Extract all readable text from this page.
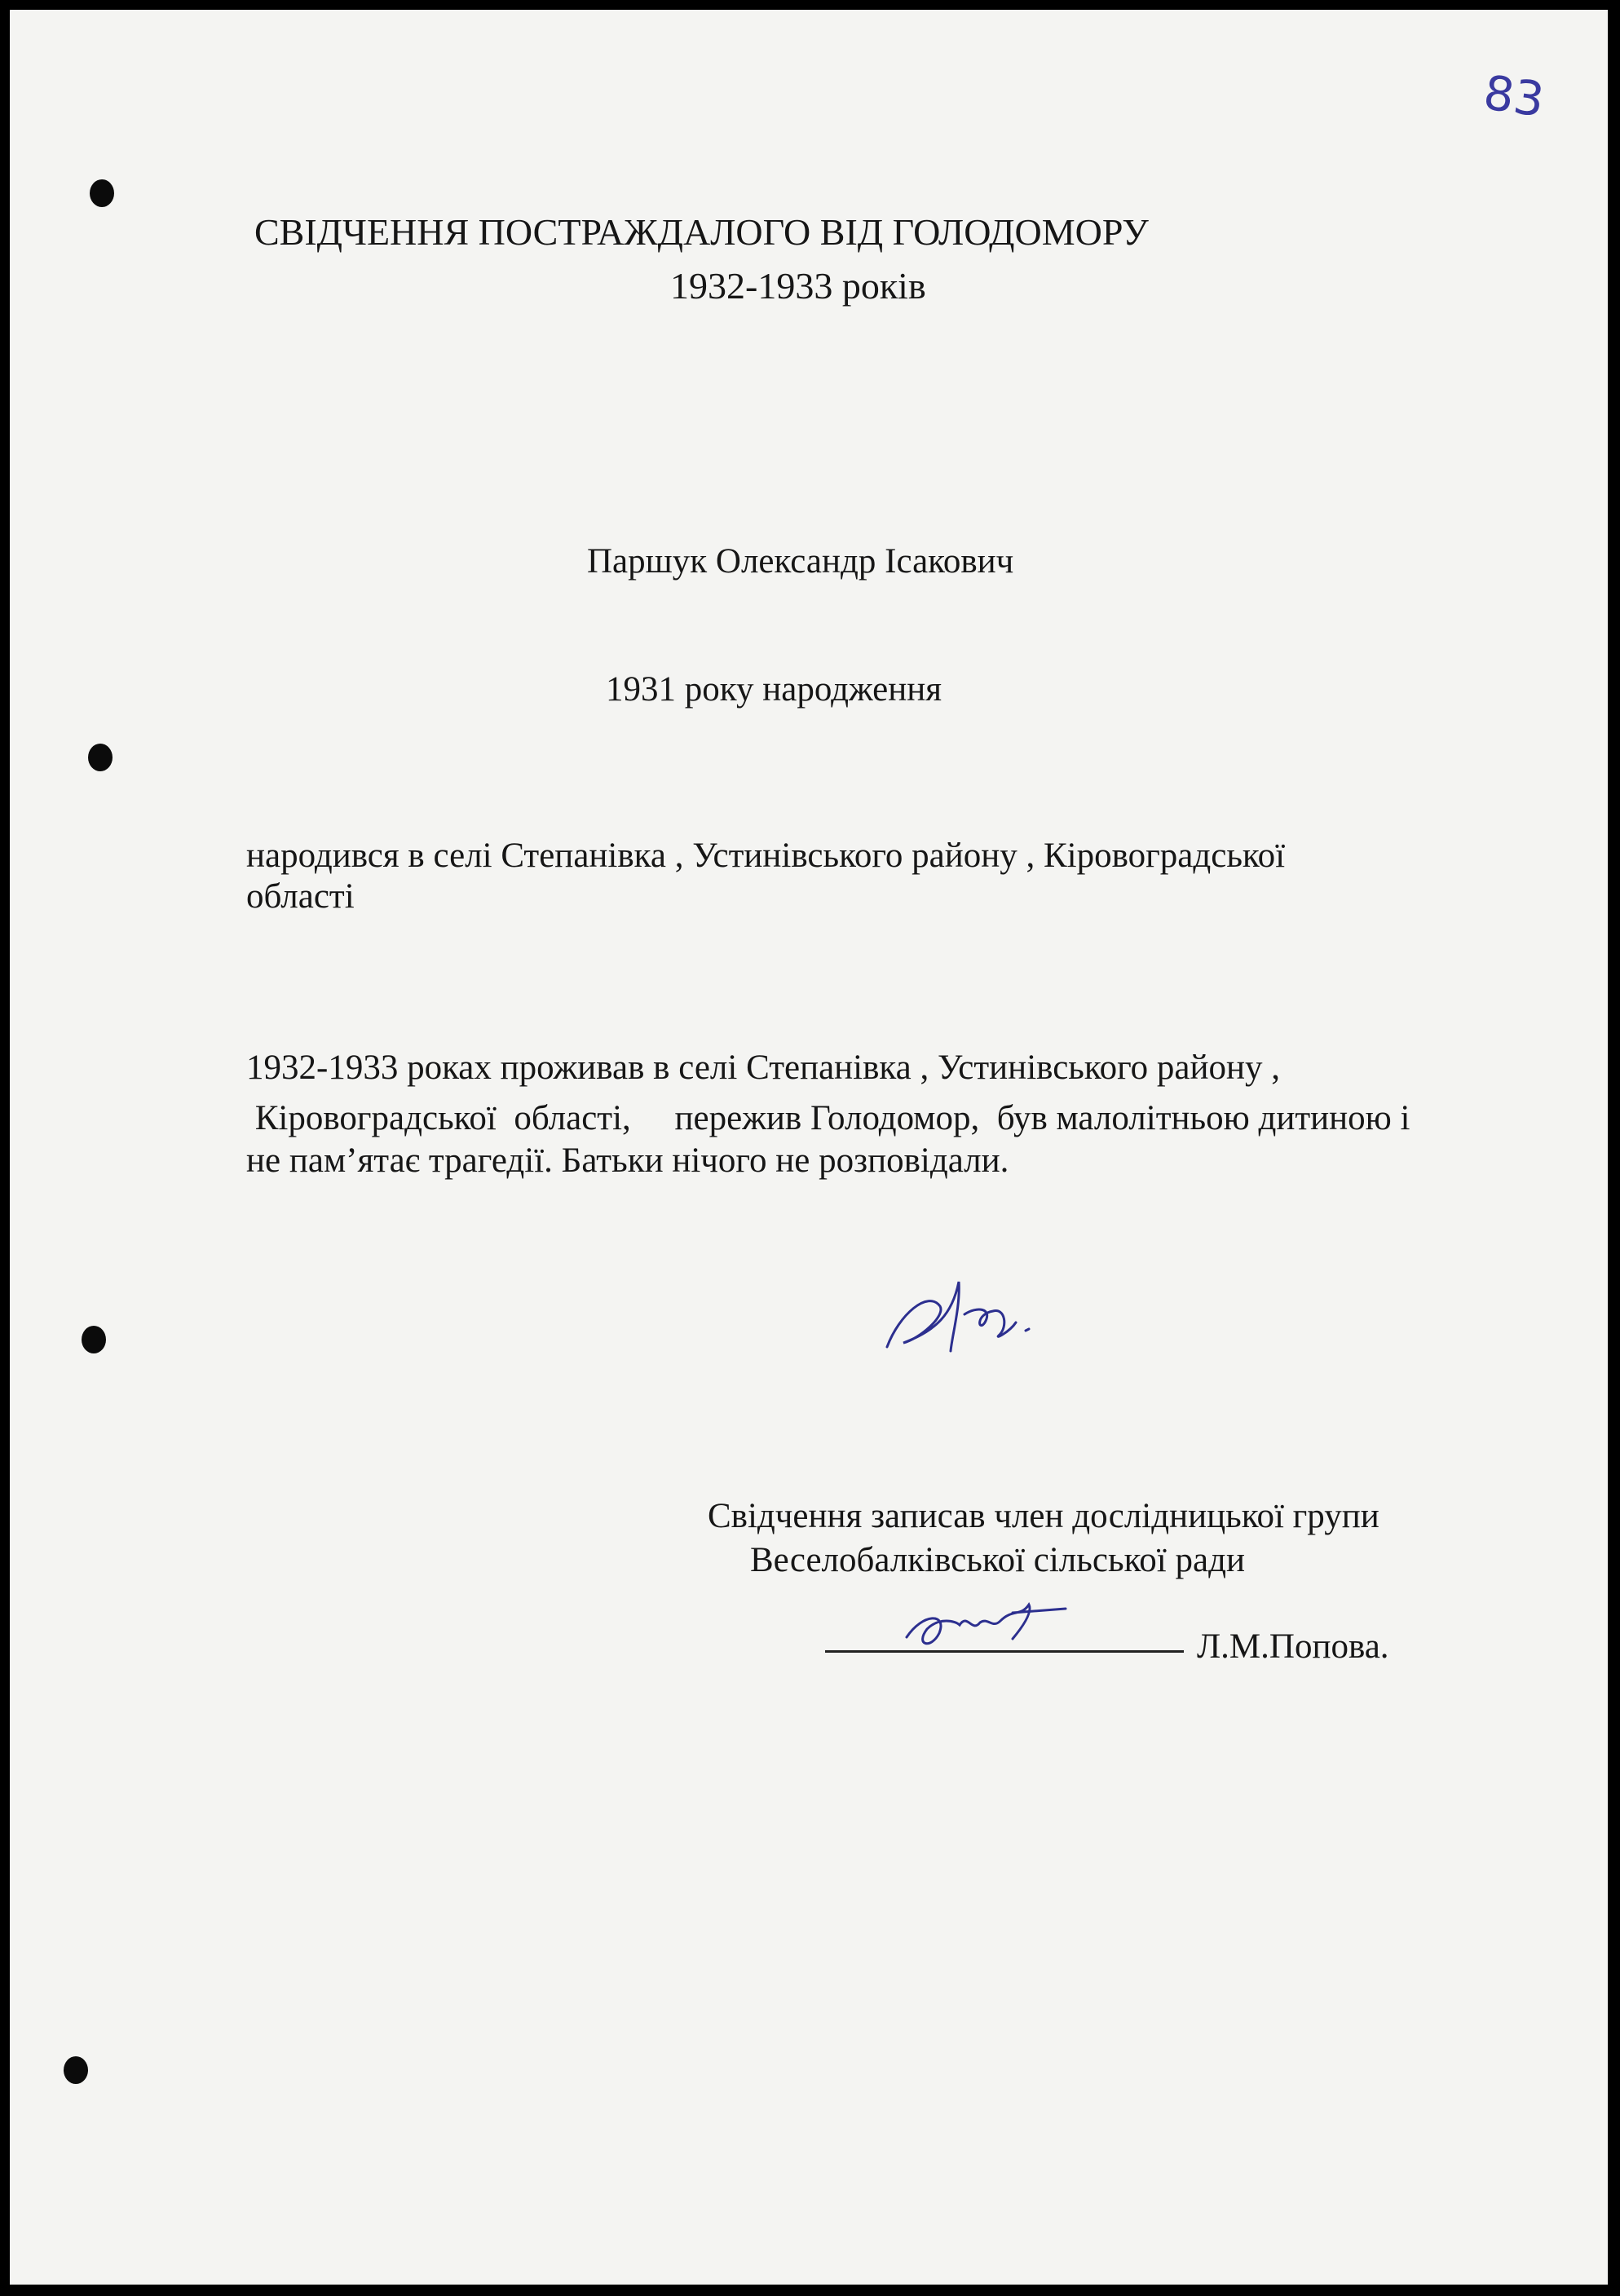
83
СВІДЧЕННЯ ПОСТРАЖДАЛОГО ВІД ГОЛОДОМОРУ
1932-1933 років
Паршук Олександр Ісакович
1931 року народження
народився в селі Степанівка , Устинівського району , Кіровоградської
області
1932-1933 роках проживав в селі Степанівка , Устинівського району ,
Кіровоградської  області,     пережив Голодомор,  був малолітньою дитиною і
не пам’ятає трагедії. Батьки нічого не розповідали.
Свідчення записав член дослідницької групи
Веселобалківської сільської ради
Л.М.Попова.
